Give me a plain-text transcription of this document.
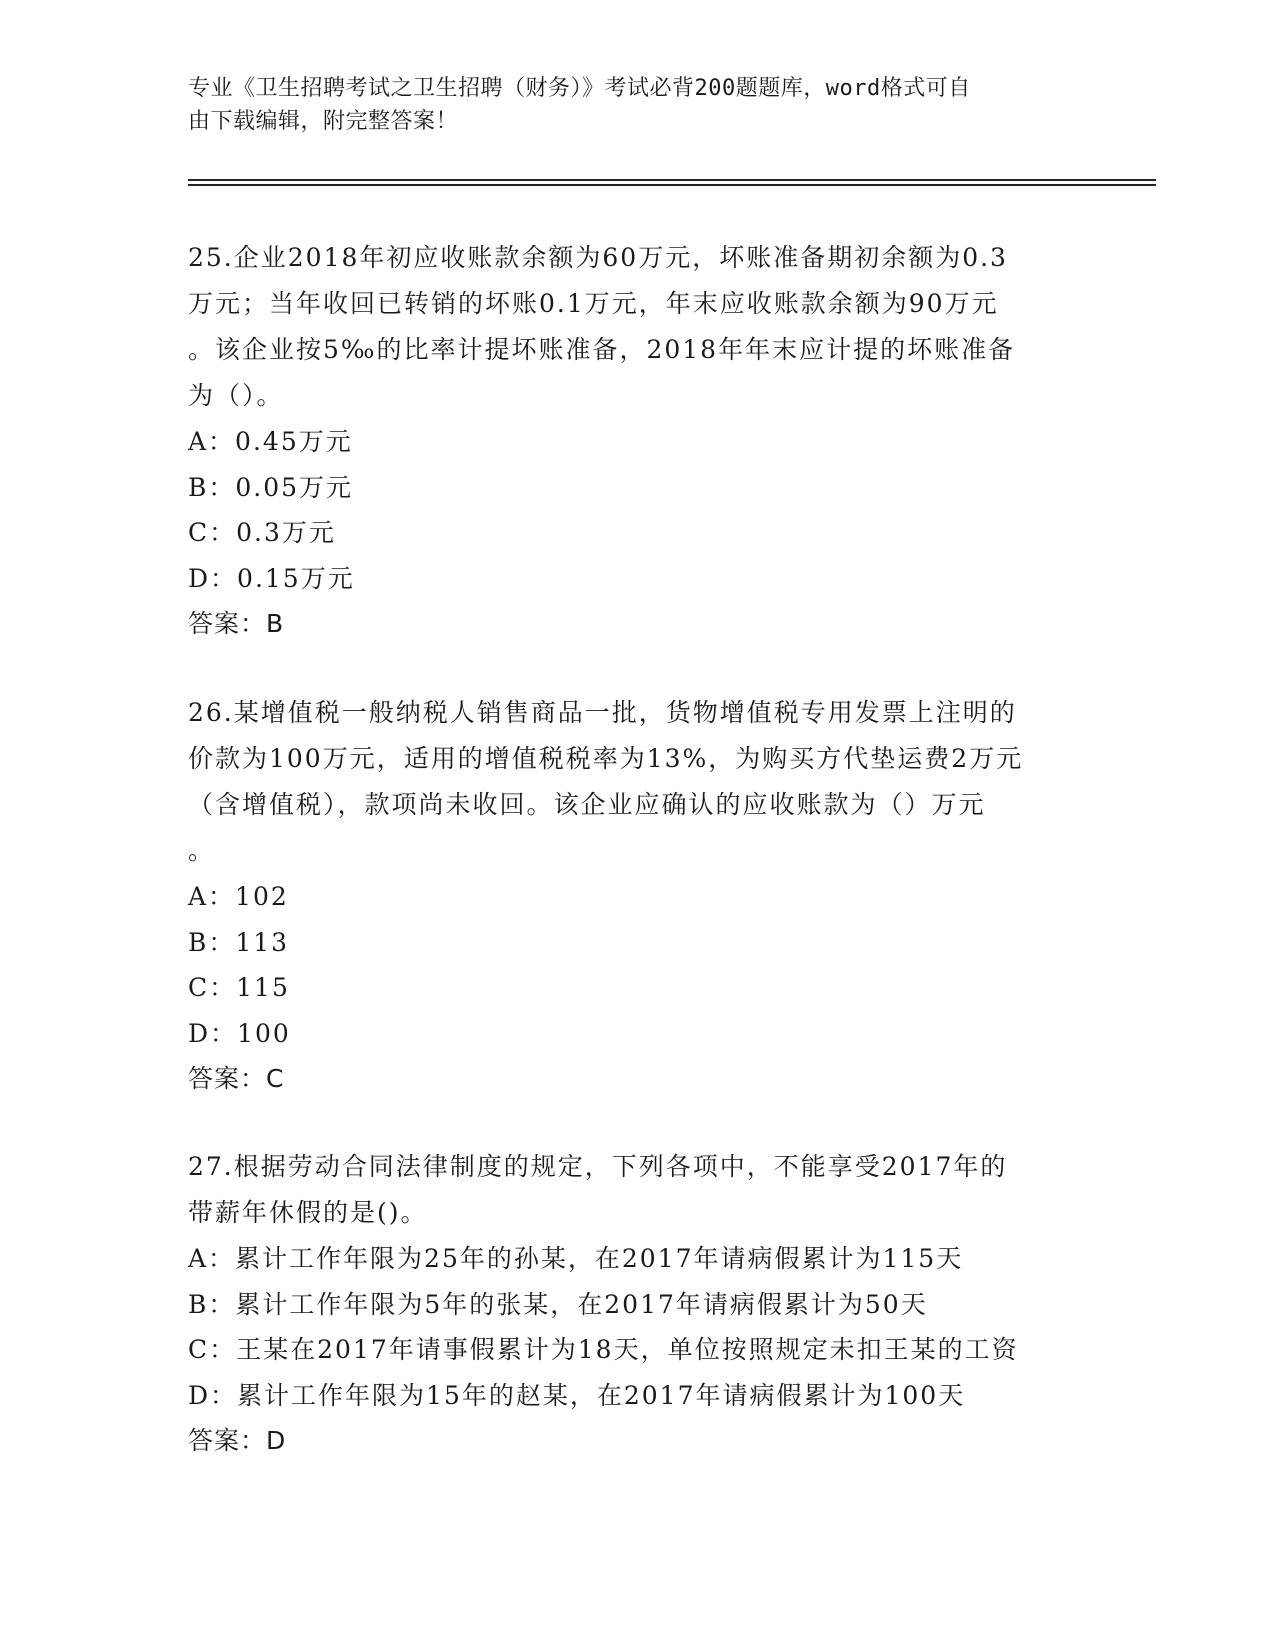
专业《卫生招聘考试之卫生招聘（财务）》考试必背200题题库，word格式可自
由下载编辑，附完整答案！

25.企业2018年初应收账款余额为60万元，坏账准备期初余额为0.3

万元；当年收回已转销的坏账0.1万元，年末应收账款余额为90万元

。该企业按5‰的比率计提坏账准备，2018年年末应计提的坏账准备

为（）。

A：0.45万元

B：0.05万元

C：0.3万元

D：0.15万元

答案：B

26.某增值税一般纳税人销售商品一批，货物增值税专用发票上注明的

价款为100万元，适用的增值税税率为13%，为购买方代垫运费2万元

（含增值税），款项尚未收回。该企业应确认的应收账款为（）万元

。

A：102

B：113

C：115

D：100

答案：C

27.根据劳动合同法律制度的规定，下列各项中，不能享受2017年的

带薪年休假的是()。

A：累计工作年限为25年的孙某，在2017年请病假累计为115天

B：累计工作年限为5年的张某，在2017年请病假累计为50天

C：王某在2017年请事假累计为18天，单位按照规定未扣王某的工资

D：累计工作年限为15年的赵某，在2017年请病假累计为100天

答案：D
